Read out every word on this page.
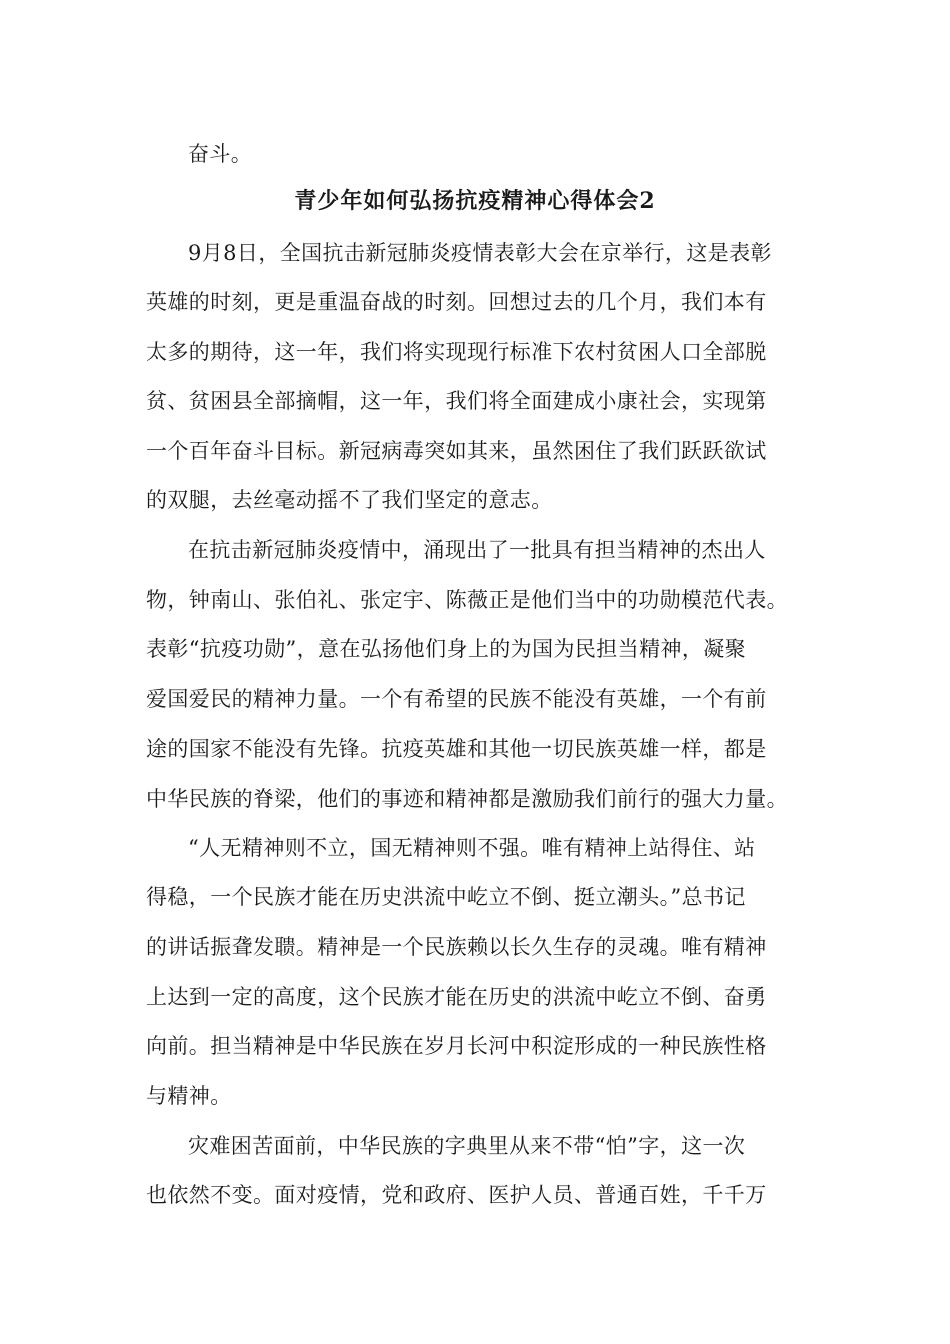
奋斗。
青少年如何弘扬抗疫精神心得体会2
9月8日，全国抗击新冠肺炎疫情表彰大会在京举行，这是表彰
英雄的时刻，更是重温奋战的时刻。回想过去的几个月，我们本有
太多的期待，这一年，我们将实现现行标准下农村贫困人口全部脱
贫、贫困县全部摘帽，这一年，我们将全面建成小康社会，实现第
一个百年奋斗目标。新冠病毒突如其来，虽然困住了我们跃跃欲试
的双腿，去丝毫动摇不了我们坚定的意志。
在抗击新冠肺炎疫情中，涌现出了一批具有担当精神的杰出人
物，钟南山、张伯礼、张定宇、陈薇正是他们当中的功勋模范代表。
表彰“抗疫功勋”，意在弘扬他们身上的为国为民担当精神，凝聚
爱国爱民的精神力量。一个有希望的民族不能没有英雄，一个有前
途的国家不能没有先锋。抗疫英雄和其他一切民族英雄一样，都是
中华民族的脊梁，他们的事迹和精神都是激励我们前行的强大力量。
“人无精神则不立，国无精神则不强。唯有精神上站得住、站
得稳，一个民族才能在历史洪流中屹立不倒、挺立潮头。”总书记
的讲话振聋发聩。精神是一个民族赖以长久生存的灵魂。唯有精神
上达到一定的高度，这个民族才能在历史的洪流中屹立不倒、奋勇
向前。担当精神是中华民族在岁月长河中积淀形成的一种民族性格
与精神。
灾难困苦面前，中华民族的字典里从来不带“怕”字，这一次
也依然不变。面对疫情，党和政府、医护人员、普通百姓，千千万
